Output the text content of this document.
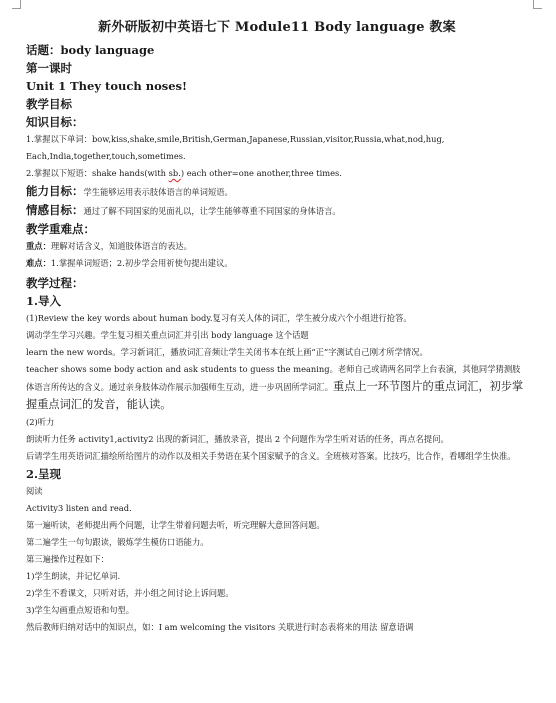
新外研版初中英语七下 Module11 Body language 教案
话题：body language
第一课时
Unit 1 They touch noses!
教学目标
知识目标：
1.掌握以下单词：bow,kiss,shake,smile,British,German,Japanese,Russian,visitor,Russia,what,nod,hug,
Each,India,together,touch,sometimes.
2.掌握以下短语：shake hands(with sb.) each other=one another,three times.
能力目标：学生能够运用表示肢体语言的单词短语。
情感目标：通过了解不同国家的见面礼以，让学生能够尊重不同国家的身体语言。
教学重难点：
重点：理解对话含义，知道肢体语言的表达。
难点：1.掌握单词短语；2.初步学会用祈使句提出建议。
教学过程：
1.导入
(1)Review the key words about human body.复习有关人体的词汇，学生被分成六个小组进行抢答。
调动学生学习兴趣。学生复习相关重点词汇并引出 body language 这个话题
learn the new words。学习新词汇，播放词汇音频让学生关闭书本在纸上画“正”字测试自己刚才所学情况。
teacher shows some body action and ask students to guess the meaning。老师自己或请两名同学上台表演，其他同学猜测肢体语言所传达的含义。通过亲身肢体动作展示加强师生互动，进一步巩固所学词汇。重点上一环节图片的重点词汇，初步掌握重点词汇的发音，能认读。
(2)听力
朗读听力任务 activity1,activity2 出现的新词汇，播放录音，提出 2 个问题作为学生听对话的任务，再点名提问。
后请学生用英语词汇描绘所给图片的动作以及相关手势语在某个国家赋予的含义。全班核对答案。比技巧，比合作，看哪组学生快准。
2.呈现
阅读
Activity3 listen and read.
第一遍听读，老师提出两个问题，让学生带着问题去听，听完理解大意回答问题。
第二遍学生一句句跟读，锻炼学生模仿口语能力。
第三遍操作过程如下：
1)学生朗读，并记忆单词.
2)学生不看课文，只听对话，并小组之间讨论上诉问题。
3)学生勾画重点短语和句型。
然后教师归纳对话中的知识点，如：I am welcoming the visitors 关联进行时态表将来的用法 留意语调
